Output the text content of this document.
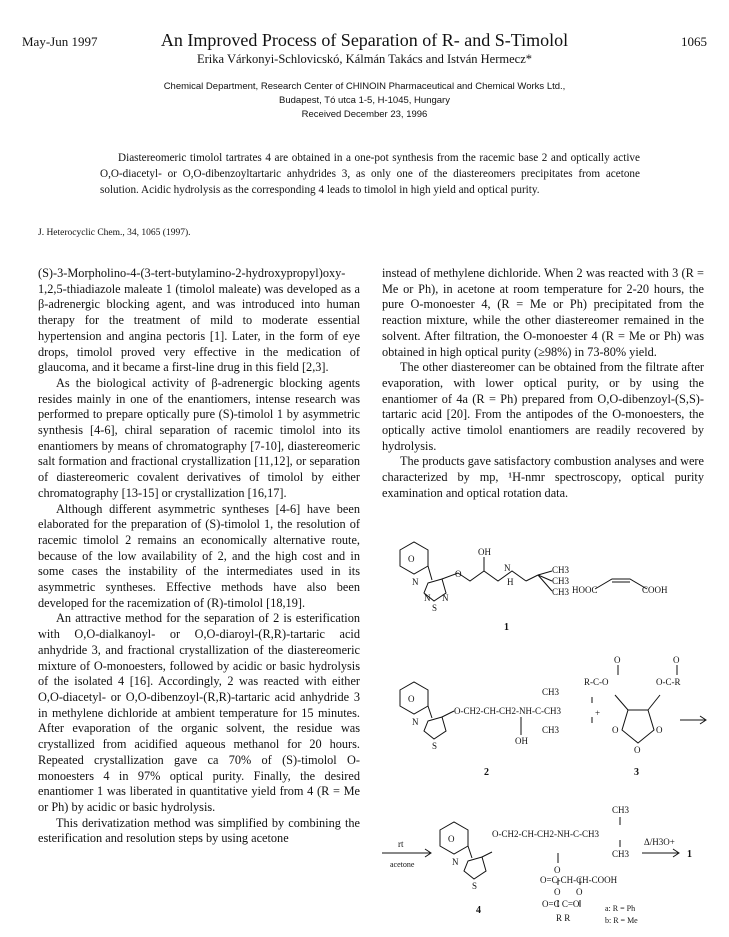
May-Jun 1997	An Improved Process of Separation of R- and S-Timolol	1065
Erika Várkonyi-Schlovicskó, Kálmán Takács and István Hermecz*
Chemical Department, Research Center of CHINOIN Pharmaceutical and Chemical Works Ltd.,
Budapest, Tó utca 1-5, H-1045, Hungary
Received December 23, 1996
Diastereomeric timolol tartrates 4 are obtained in a one-pot synthesis from the racemic base 2 and optically active O,O-diacetyl- or O,O-dibenzoyltartaric anhydrides 3, as only one of the diastereomers precipitates from acetone solution. Acidic hydrolysis as the corresponding 4 leads to timolol in high yield and optical purity.
J. Heterocyclic Chem., 34, 1065 (1997).

(S)-3-Morpholino-4-(3-tert-butylamino-2-hydroxypropyl)oxy-1,2,5-thiadiazole maleate 1 (timolol maleate) was developed as a β-adrenergic blocking agent, and was introduced into human therapy for the treatment of mild to moderate essential hypertension and angina pectoris [1]. Later, in the form of eye drops, timolol proved very effective in the medication of glaucoma, and it became a first-line drug in this field [2,3].

As the biological activity of β-adrenergic blocking agents resides mainly in one of the enantiomers, intense research was performed to prepare optically pure (S)-timolol 1 by asymmetric synthesis [4-6], chiral separation of racemic timolol into its enantiomers by means of chromatography [7-10], diastereomeric salt formation and fractional crystallization [11,12], or separation of diastereomeric covalent derivatives of timolol by either chromatography [13-15] or crystallization [16,17].

Although different asymmetric syntheses [4-6] have been elaborated for the preparation of (S)-timolol 1, the resolution of racemic timolol 2 remains an economically alternative route, because of the low availability of 2, and the high cost and in some cases the instability of the intermediates used in its asymmetric syntheses. Effective methods have also been developed for the racemization of (R)-timolol [18,19].

An attractive method for the separation of 2 is esterification with O,O-dialkanoyl- or O,O-diaroyl-(R,R)-tartaric acid anhydride 3, and fractional crystallization of the diastereomeric mixture of O-monoesters, followed by acidic or basic hydrolysis of the isolated 4 [16]. Accordingly, 2 was reacted with either O,O-diacetyl- or O,O-dibenzoyl-(R,R)-tartaric acid anhydride 3 in methylene dichloride at ambient temperature for 15 minutes. After evaporation of the organic solvent, the residue was crystallized from acidified aqueous methanol for 20 hours. Repeated crystallization gave ca 70% of (S)-timolol O-monoesters 4 in 97% optical purity. Finally, the desired enantiomer 1 was liberated in quantitative yield from 4 (R = Me or Ph) by acidic or basic hydrolysis.

This derivatization method was simplified by combining the esterification and resolution steps by using acetone

instead of methylene dichloride. When 2 was reacted with 3 (R = Me or Ph), in acetone at room temperature for 2-20 hours, the pure O-monoester 4, (R = Me or Ph) precipitated from the reaction mixture, while the other diastereomer remained in the solvent. After filtration, the O-monoester 4 (R = Me or Ph) was obtained in high optical purity (≥98%) in 73-80% yield.

The other diastereomer can be obtained from the filtrate after evaporation, with lower optical purity, or by using the enantiomer of 4a (R = Ph) prepared from O,O-dibenzoyl-(S,S)-tartaric acid [20]. From the antipodes of the O-monoesters, the optically active timolol enantiomers are readily recovered by hydrolysis.

The products gave satisfactory combustion analyses and were characterized by mp, ¹H-nmr spectroscopy, optical purity examination and optical rotation data.

O
N
N N
S
O
OH
N
H
CH3
CH3
CH3 HOOC	COOH
1
O
N
S
CH3
O-CH2-CH-CH2-NH-C-CH3
OH
CH3
+
2
O	O
R-C-O	O-C-R
O	O
O
3
O
N
S
rt
acetone
CH3
O-CH2-CH-CH2-NH-C-CH3
CH3
O
O=C-CH-CH-COOH
O O
O=C C=O
R R
Δ/H3O+
1
4	a: R = Ph
b: R = Me
